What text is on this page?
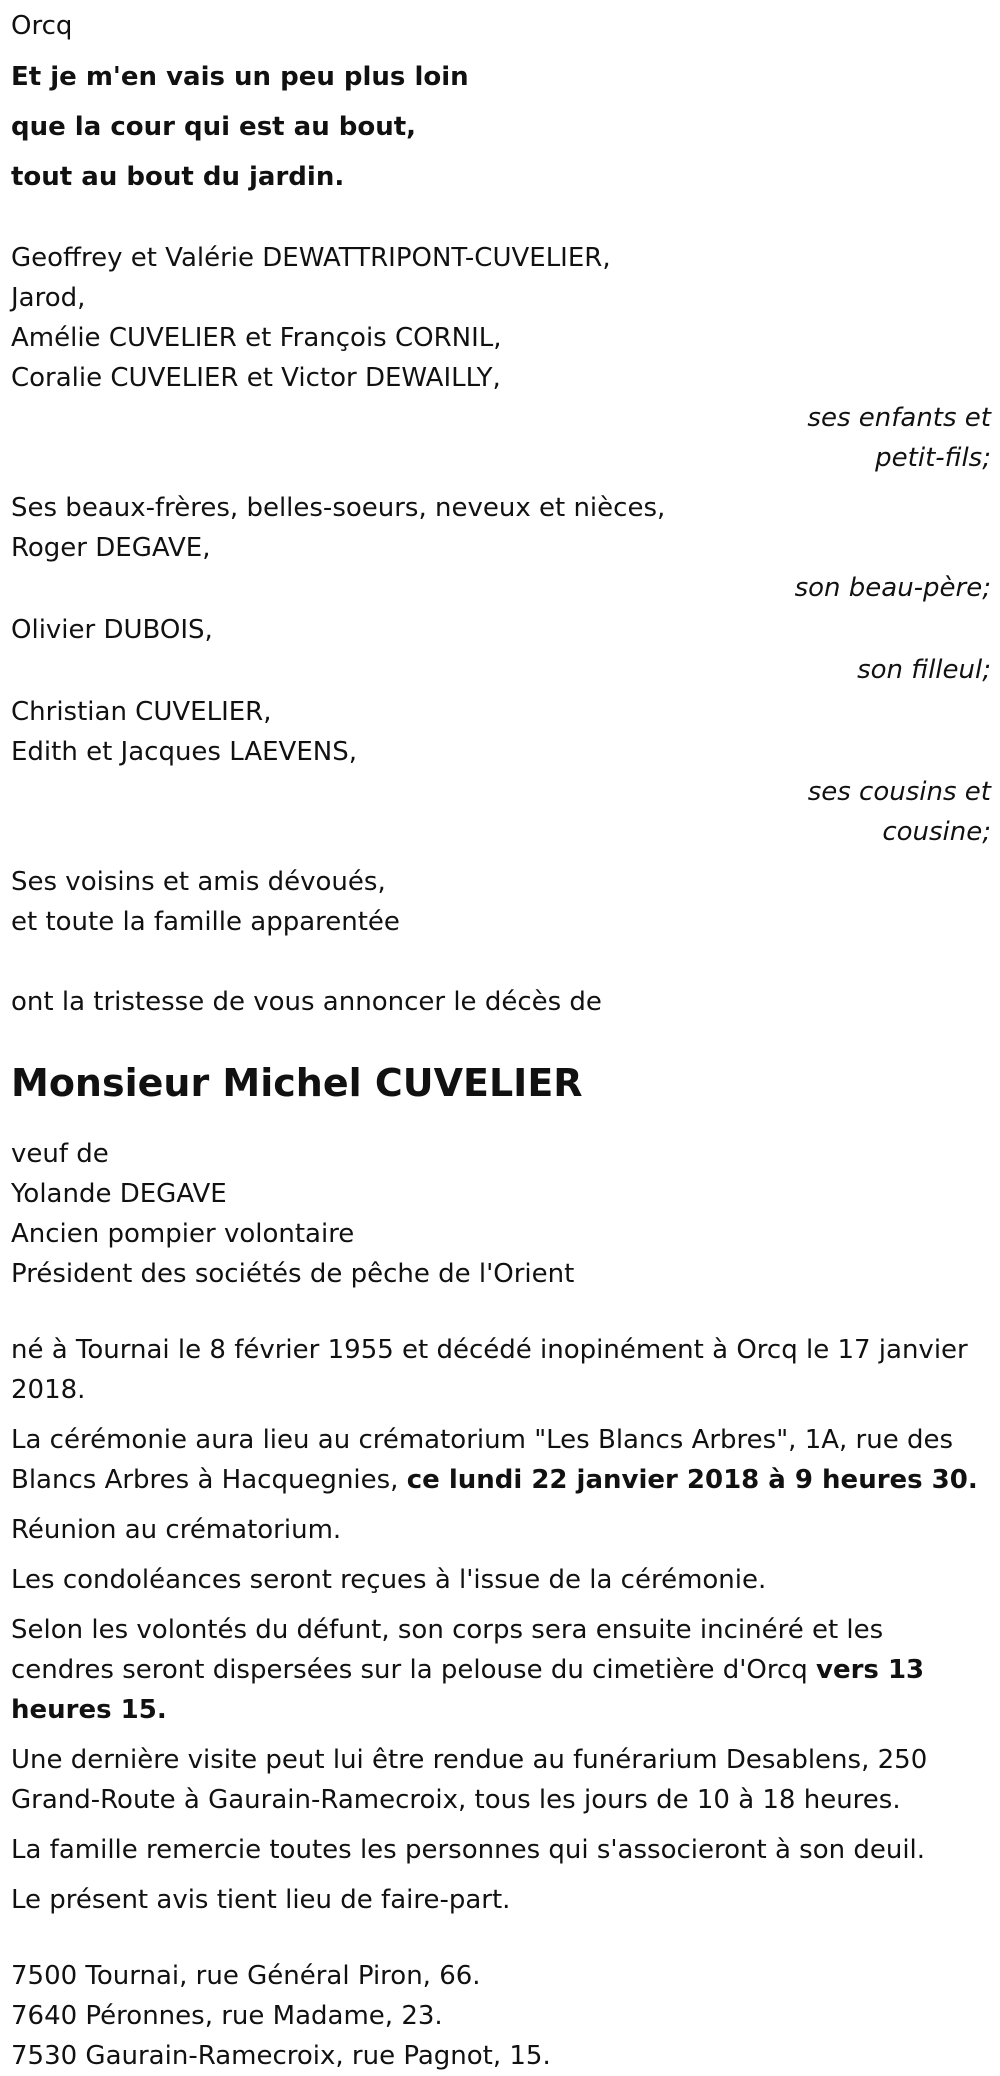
Orcq
Et je m'en vais un peu plus loin
que la cour qui est au bout,
tout au bout du jardin.
Geoffrey et Valérie DEWATTRIPONT-CUVELIER,
Jarod,
Amélie CUVELIER et François CORNIL,
Coralie CUVELIER et Victor DEWAILLY,
ses enfants et
petit-fils;
Ses beaux-frères, belles-soeurs, neveux et nièces,
Roger DEGAVE,
son beau-père;
Olivier DUBOIS,
son filleul;
Christian CUVELIER,
Edith et Jacques LAEVENS,
ses cousins et
cousine;
Ses voisins et amis dévoués,
et toute la famille apparentée
ont la tristesse de vous annoncer le décès de
Monsieur Michel CUVELIER
veuf de
Yolande DEGAVE
Ancien pompier volontaire
Président des sociétés de pêche de l'Orient
né à Tournai le 8 février 1955 et décédé inopinément à Orcq le 17 janvier 2018.
La cérémonie aura lieu au crématorium "Les Blancs Arbres", 1A, rue des Blancs Arbres à Hacquegnies, ce lundi 22 janvier 2018 à 9 heures 30.
Réunion au crématorium.
Les condoléances seront reçues à l'issue de la cérémonie.
Selon les volontés du défunt, son corps sera ensuite incinéré et les cendres seront dispersées sur la pelouse du cimetière d'Orcq vers 13 heures 15.
Une dernière visite peut lui être rendue au funérarium Desablens, 250 Grand-Route à Gaurain-Ramecroix, tous les jours de 10 à 18 heures.
La famille remercie toutes les personnes qui s'associeront à son deuil.
Le présent avis tient lieu de faire-part.
7500 Tournai, rue Général Piron, 66.
7640 Péronnes, rue Madame, 23.
7530 Gaurain-Ramecroix, rue Pagnot, 15.
